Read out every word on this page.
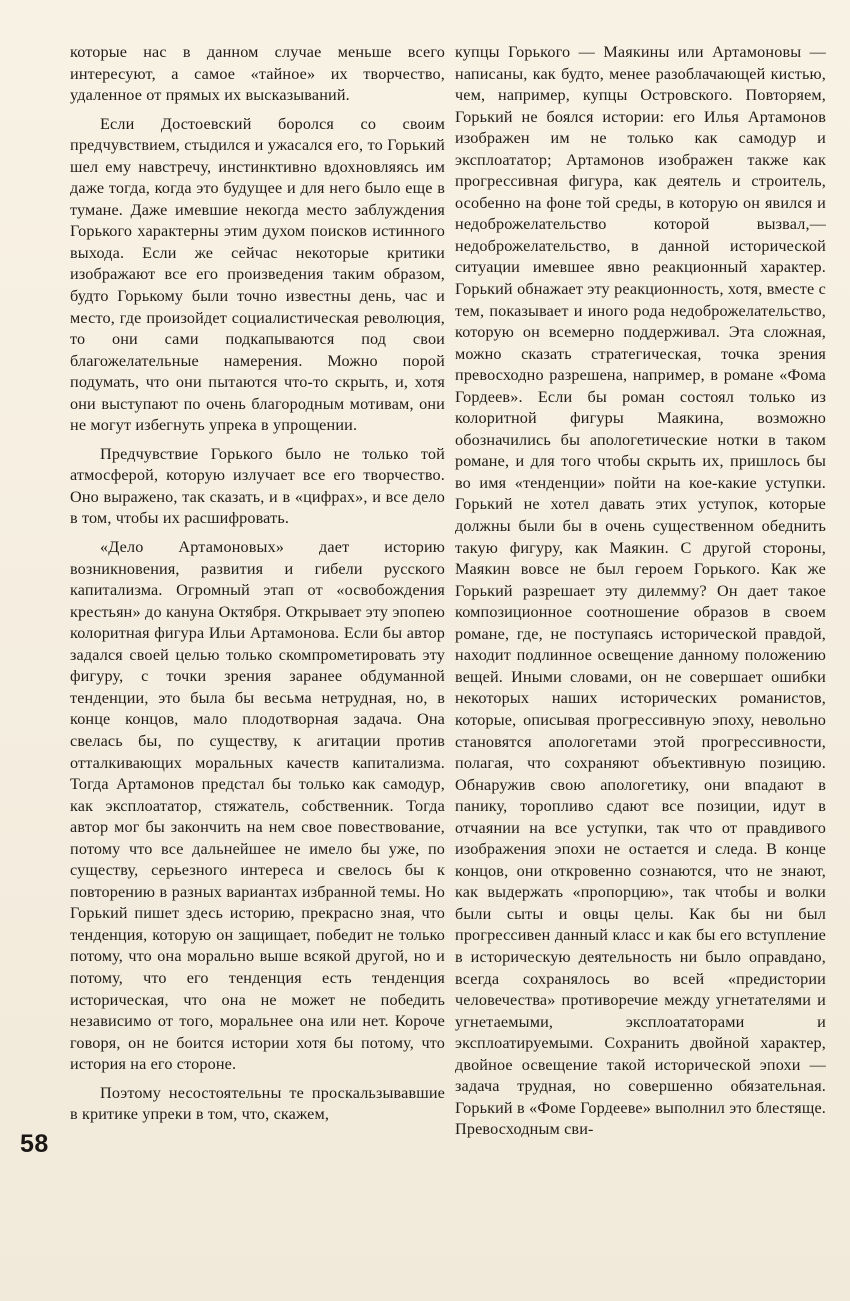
которые нас в данном случае меньше всего интересуют, а самое «тайное» их творчество, удаленное от прямых их высказываний.

Если Достоевский боролся со своим предчувствием, стыдился и ужасался его, то Горький шел ему навстречу, инстинктивно вдохновляясь им даже тогда, когда это будущее и для него было еще в тумане. Даже имевшие некогда место заблуждения Горького характерны этим духом поисков истинного выхода. Если же сейчас некоторые критики изображают все его произведения таким образом, будто Горькому были точно известны день, час и место, где произойдет социалистическая революция, то они сами подкапываются под свои благожелательные намерения. Можно порой подумать, что они пытаются что-то скрыть, и, хотя они выступают по очень благородным мотивам, они не могут избегнуть упрека в упрощении.

Предчувствие Горького было не только той атмосферой, которую излучает все его творчество. Оно выражено, так сказать, и в «цифрах», и все дело в том, чтобы их расшифровать.

«Дело Артамоновых» дает историю возникновения, развития и гибели русского капитализма. Огромный этап от «освобождения крестьян» до кануна Октября. Открывает эту эпопею колоритная фигура Ильи Артамонова. Если бы автор задался своей целью только скомпрометировать эту фигуру, с точки зрения заранее обдуманной тенденции, это была бы весьма нетрудная, но, в конце концов, мало плодотворная задача. Она свелась бы, по существу, к агитации против отталкивающих моральных качеств капитализма. Тогда Артамонов предстал бы только как самодур, как эксплоататор, стяжатель, собственник. Тогда автор мог бы закончить на нем свое повествование, потому что все дальнейшее не имело бы уже, по существу, серьезного интереса и свелось бы к повторению в разных вариантах избранной темы. Но Горький пишет здесь историю, прекрасно зная, что тенденция, которую он защищает, победит не только потому, что она морально выше всякой другой, но и потому, что его тенденция есть тенденция историческая, что она не может не победить независимо от того, моральнее она или нет. Короче говоря, он не боится истории хотя бы потому, что история на его стороне.

Поэтому несостоятельны те проскальзывавшие в критике упреки в том, что, скажем,

купцы Горького — Маякины или Артамоновы — написаны, как будто, менее разоблачающей кистью, чем, например, купцы Островского. Повторяем, Горький не боялся истории: его Илья Артамонов изображен им не только как самодур и эксплоататор; Артамонов изображен также как прогрессивная фигура, как деятель и строитель, особенно на фоне той среды, в которую он явился и недоброжелательство которой вызвал,— недоброжелательство, в данной исторической ситуации имевшее явно реакционный характер. Горький обнажает эту реакционность, хотя, вместе с тем, показывает и иного рода недоброжелательство, которую он всемерно поддерживал. Эта сложная, можно сказать стратегическая, точка зрения превосходно разрешена, например, в романе «Фома Гордеев». Если бы роман состоял только из колоритной фигуры Маякина, возможно обозначились бы апологетические нотки в таком романе, и для того чтобы скрыть их, пришлось бы во имя «тенденции» пойти на кое-какие уступки. Горький не хотел давать этих уступок, которые должны были бы в очень существенном обеднить такую фигуру, как Маякин. С другой стороны, Маякин вовсе не был героем Горького. Как же Горький разрешает эту дилемму? Он дает такое композиционное соотношение образов в своем романе, где, не поступаясь исторической правдой, находит подлинное освещение данному положению вещей. Иными словами, он не совершает ошибки некоторых наших исторических романистов, которые, описывая прогрессивную эпоху, невольно становятся апологетами этой прогрессивности, полагая, что сохраняют объективную позицию. Обнаружив свою апологетику, они впадают в панику, торопливо сдают все позиции, идут в отчаянии на все уступки, так что от правдивого изображения эпохи не остается и следа. В конце концов, они откровенно сознаются, что не знают, как выдержать «пропорцию», так чтобы и волки были сыты и овцы целы. Как бы ни был прогрессивен данный класс и как бы его вступление в историческую деятельность ни было оправдано, всегда сохранялось во всей «предистории человечества» противоречие между угнетателями и угнетаемыми, эксплоататорами и эксплоатируемыми. Сохранить двойной характер, двойное освещение такой исторической эпохи — задача трудная, но совершенно обязательная. Горький в «Фоме Гордееве» выполнил это блестяще. Превосходным сви-

58
